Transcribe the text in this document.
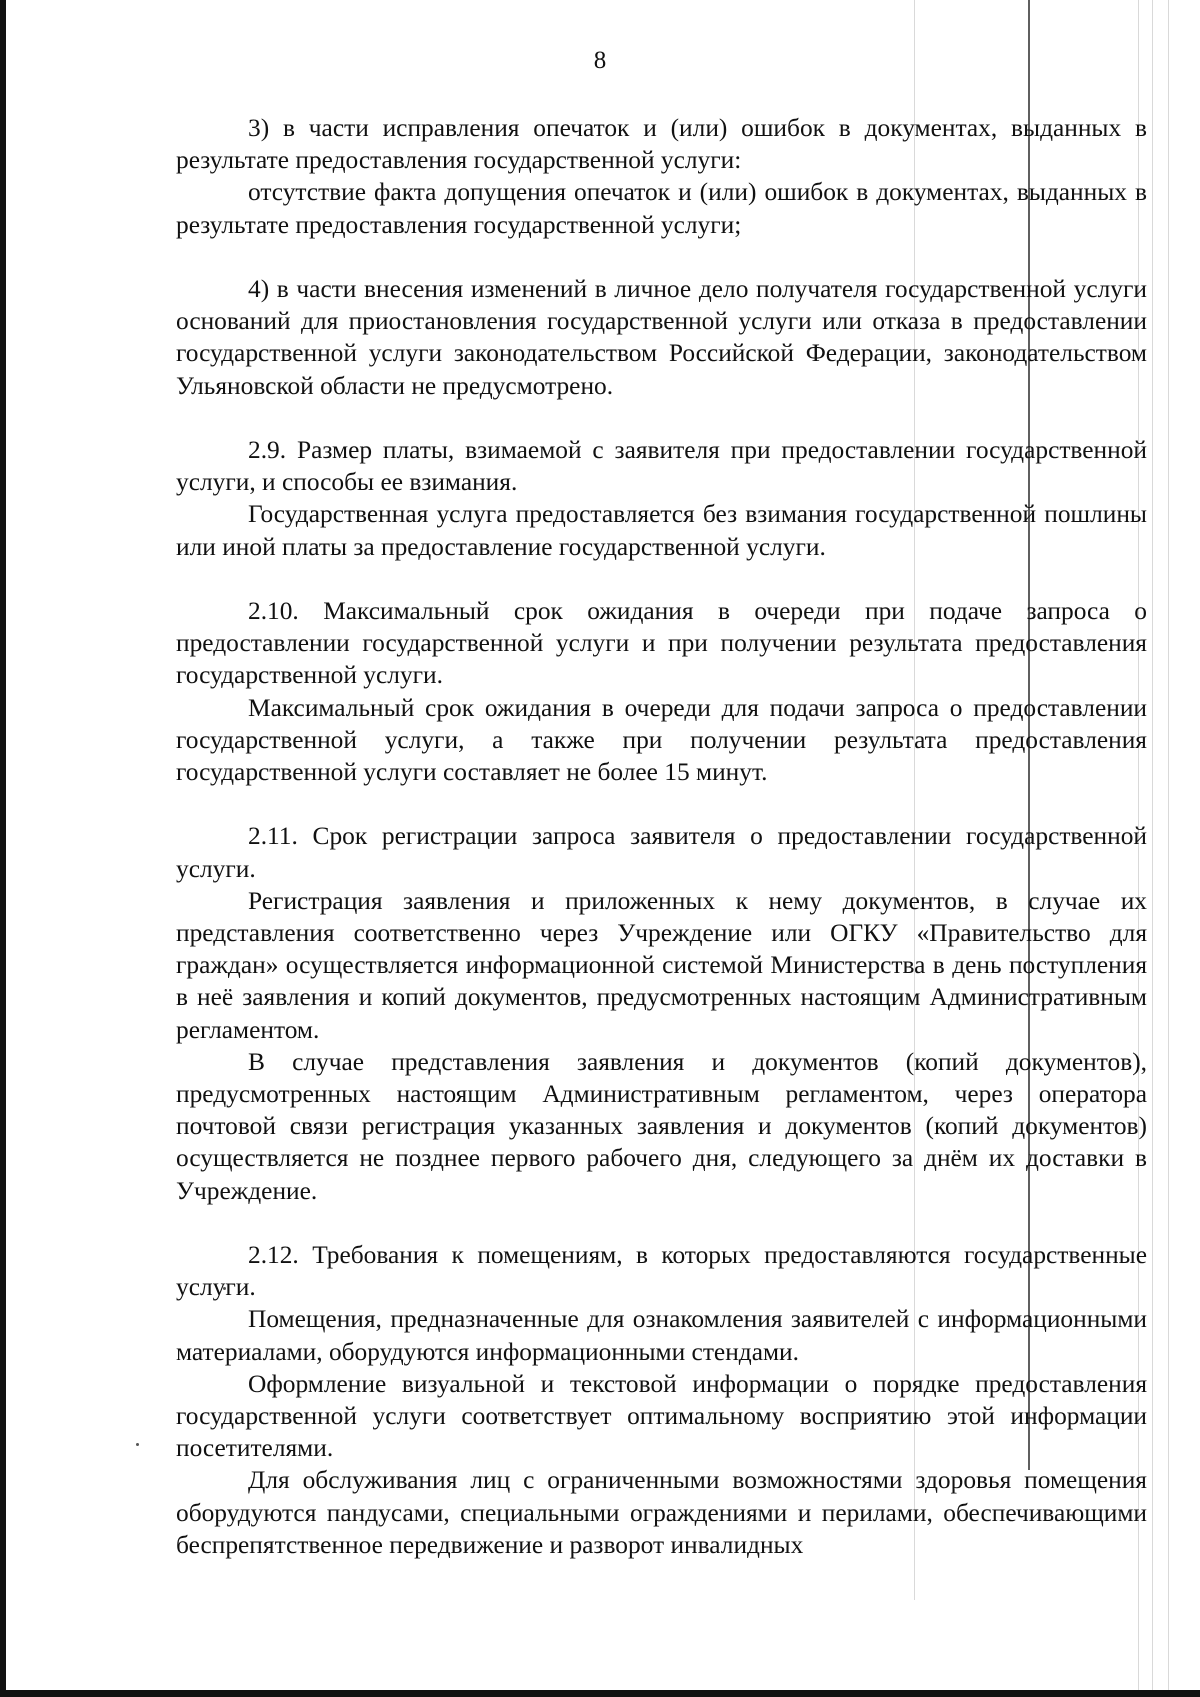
8

3) в части исправления опечаток и (или) ошибок в документах, выданных в результате предоставления государственной услуги:

отсутствие факта допущения опечаток и (или) ошибок в документах, выданных в результате предоставления государственной услуги;

4) в части внесения изменений в личное дело получателя государственной услуги оснований для приостановления государственной услуги или отказа в предоставлении государственной услуги законодательством Российской Федерации, законодательством Ульяновской области не предусмотрено.

2.9. Размер платы, взимаемой с заявителя при предоставлении государственной услуги, и способы ее взимания.

Государственная услуга предоставляется без взимания государственной пошлины или иной платы за предоставление государственной услуги.

2.10. Максимальный срок ожидания в очереди при подаче запроса о предоставлении государственной услуги и при получении результата предоставления государственной услуги.

Максимальный срок ожидания в очереди для подачи запроса о предоставлении государственной услуги, а также при получении результата предоставления государственной услуги составляет не более 15 минут.

2.11. Срок регистрации запроса заявителя о предоставлении государственной услуги.

Регистрация заявления и приложенных к нему документов, в случае их представления соответственно через Учреждение или ОГКУ «Правительство для граждан» осуществляется информационной системой Министерства в день поступления в неё заявления и копий документов, предусмотренных настоящим Административным регламентом.

В случае представления заявления и документов (копий документов), предусмотренных настоящим Административным регламентом, через оператора почтовой связи регистрация указанных заявления и документов (копий документов) осуществляется не позднее первого рабочего дня, следующего за днём их доставки в Учреждение.

2.12. Требования к помещениям, в которых предоставляются государственные услуги.

Помещения, предназначенные для ознакомления заявителей с информационными материалами, оборудуются информационными стендами.

Оформление визуальной и текстовой информации о порядке предоставления государственной услуги соответствует оптимальному восприятию этой информации посетителями.

Для обслуживания лиц с ограниченными возможностями здоровья помещения оборудуются пандусами, специальными ограждениями и перилами, обеспечивающими беспрепятственное передвижение и разворот инвалидных
